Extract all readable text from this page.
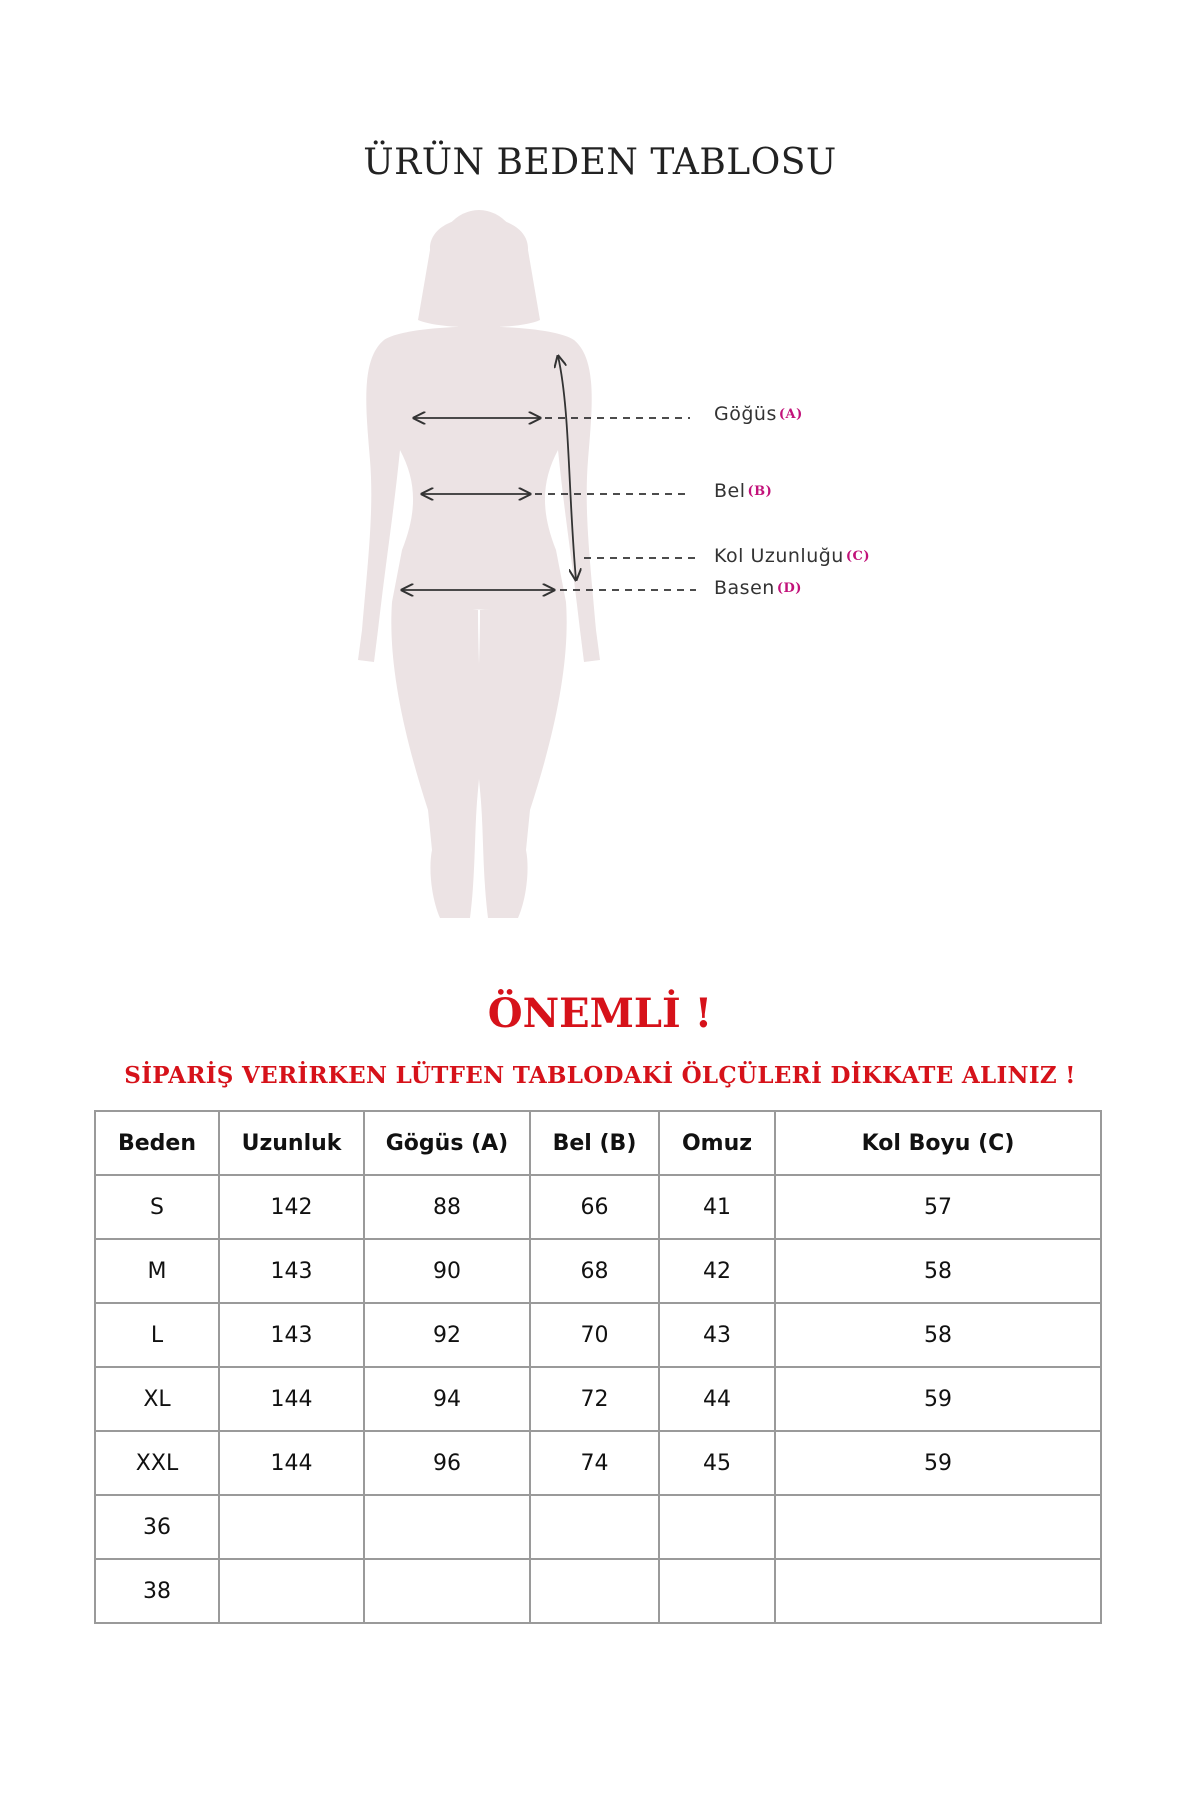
ÜRÜN BEDEN TABLOSU
Göğüs (A)
Bel (B)
Kol Uzunluğu (C)
Basen (D)
ÖNEMLİ !
SİPARİŞ VERİRKEN LÜTFEN TABLODAKİ ÖLÇÜLERİ DİKKATE ALINIZ !
Beden	Uzunluk	Gögüs (A)	Bel (B)	Omuz	Kol Boyu (C)
S	142	88	66	41	57
M	143	90	68	42	58
L	143	92	70	43	58
XL	144	94	72	44	59
XXL	144	96	74	45	59
36					
38					
